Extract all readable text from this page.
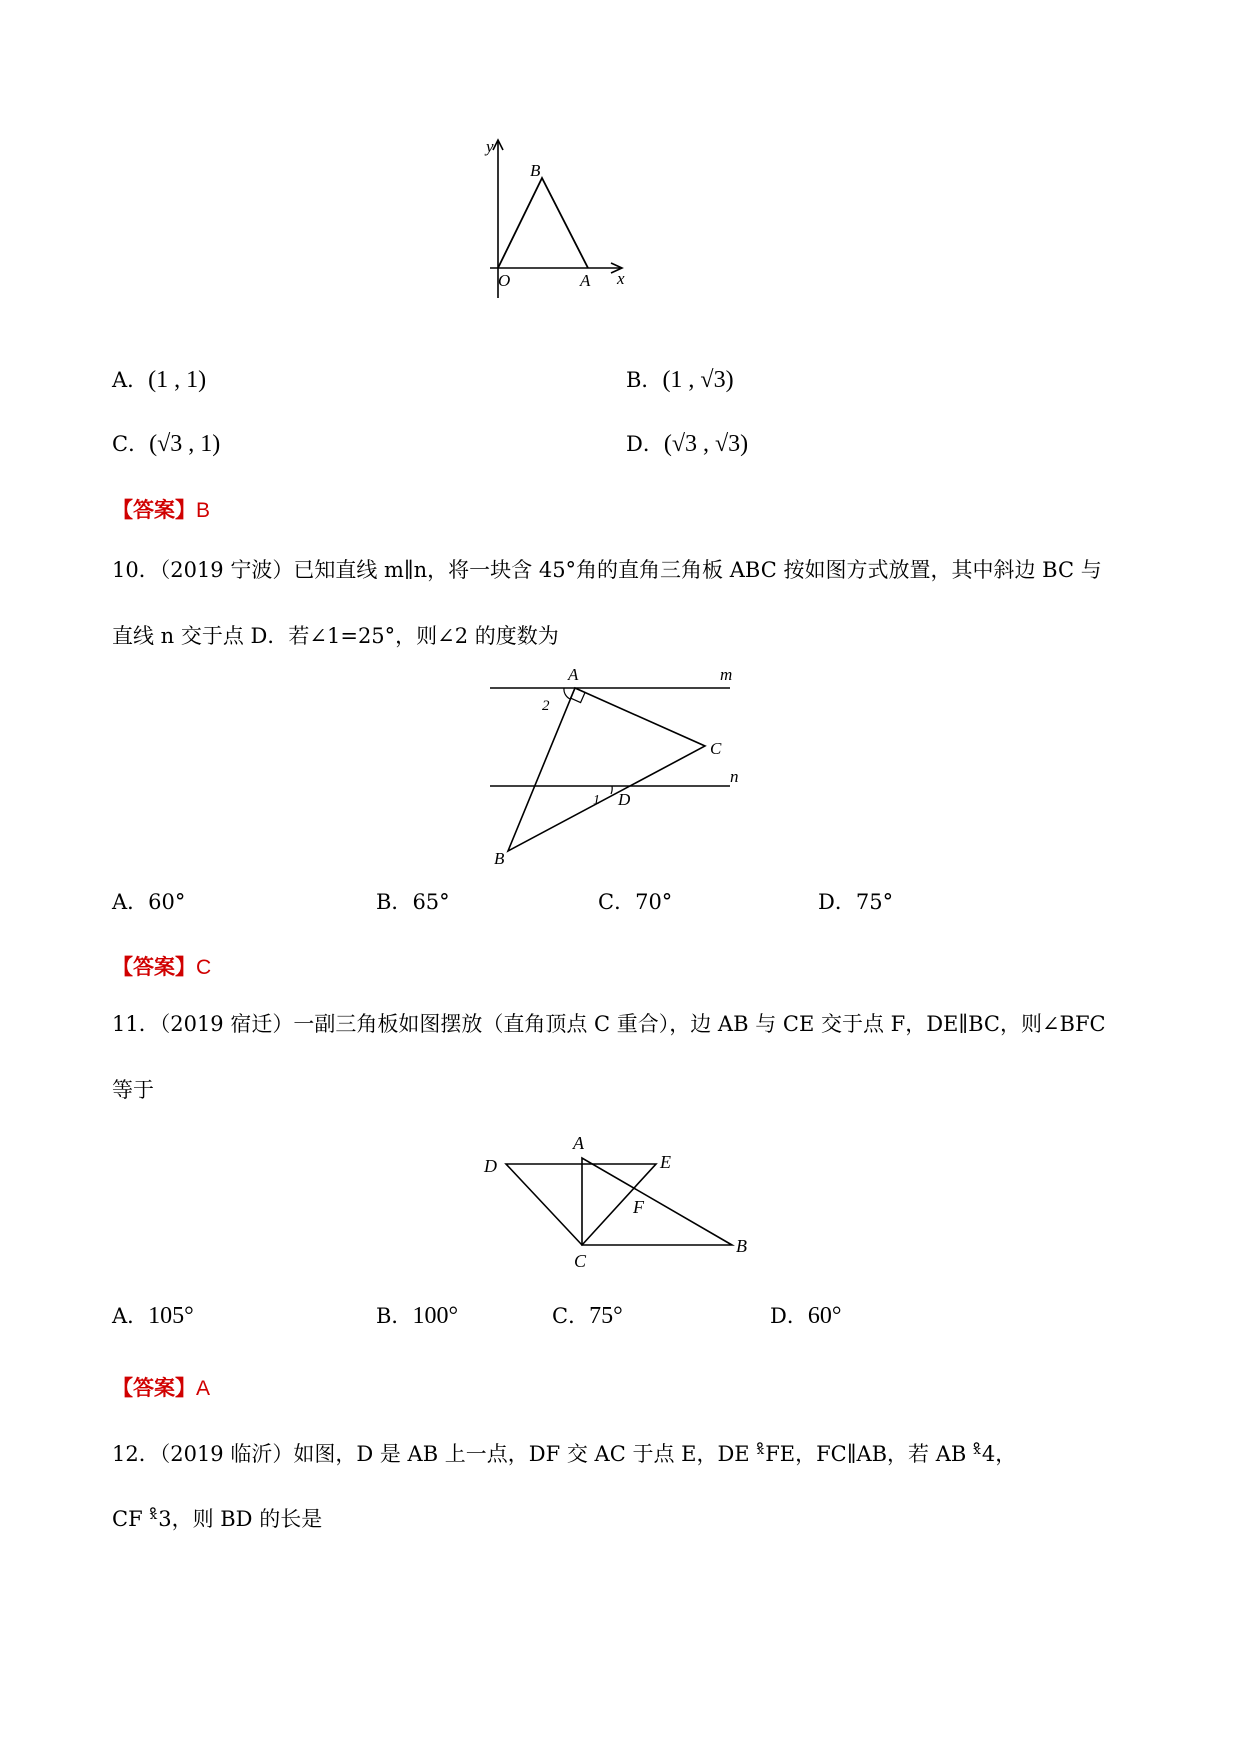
y
x
O	A
B
A．(1 , 1)	B．(1 , √3)
C．(√3 , 1)	D．(√3 , √3)
【答案】B
10．（2019 宁波）已知直线 m∥n，将一块含 45°角的直角三角板 ABC 按如图方式放置，其中斜边 BC 与
直线 n 交于点 D．若∠1=25°，则∠2 的度数为
A
B
C
D
m
n
1
2
A．60°	B．65°	C．70°	D．75°
【答案】C
11．（2019 宿迁）一副三角板如图摆放（直角顶点 C 重合），边 AB 与 CE 交于点 F，DE∥BC，则∠BFC
等于
A
B
C
D	E
F
A．105°	B．100°	C．75°	D．60°
【答案】A
12．（2019 临沂）如图，D 是 AB 上一点，DF 交 AC 于点 E，DE ˣ̊FE，FC∥AB，若 AB ˣ̊4，
CF ˣ̊3，则 BD 的长是
